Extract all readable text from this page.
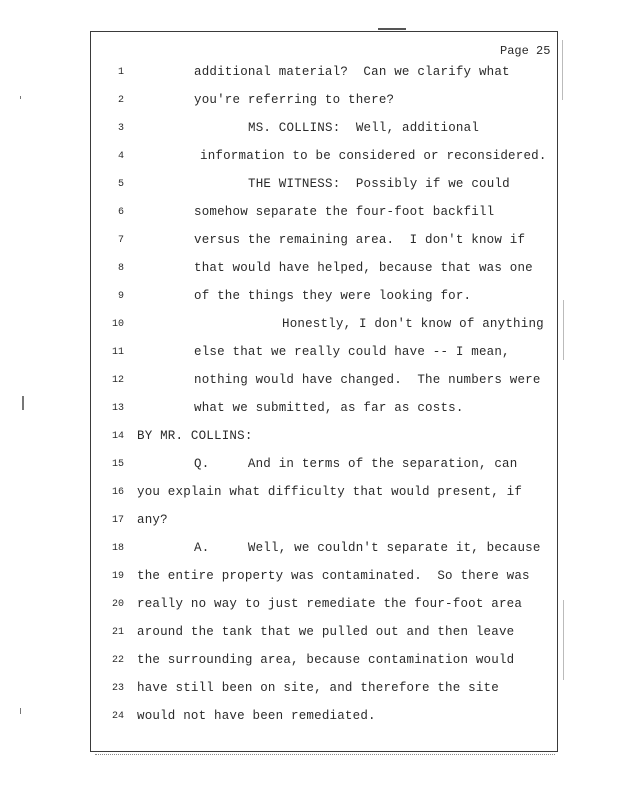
Page 25
1	additional material?  Can we clarify what
2	you're referring to there?
3	MS. COLLINS:  Well, additional
4	information to be considered or reconsidered.
5	THE WITNESS:  Possibly if we could
6	somehow separate the four-foot backfill
7	versus the remaining area.  I don't know if
8	that would have helped, because that was one
9	of the things they were looking for.
10	Honestly, I don't know of anything
11	else that we really could have -- I mean,
12	nothing would have changed.  The numbers were
13	what we submitted, as far as costs.
14 BY MR. COLLINS:
15	Q.     And in terms of the separation, can
16 you explain what difficulty that would present, if
17 any?
18	A.     Well, we couldn't separate it, because
19 the entire property was contaminated.  So there was
20 really no way to just remediate the four-foot area
21 around the tank that we pulled out and then leave
22 the surrounding area, because contamination would
23 have still been on site, and therefore the site
24 would not have been remediated.
